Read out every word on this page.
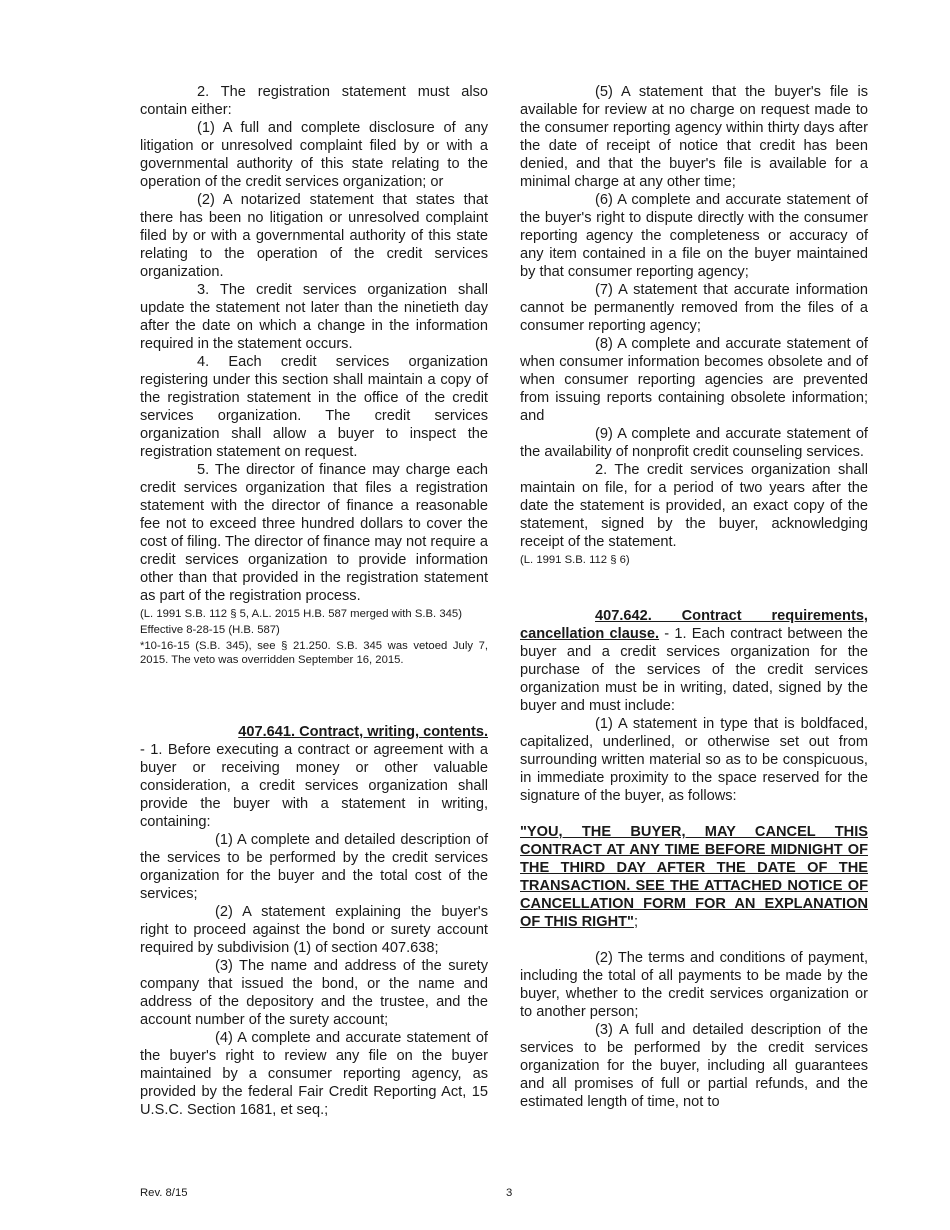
2. The registration statement must also contain either:

(1) A full and complete disclosure of any litigation or unresolved complaint filed by or with a governmental authority of this state relating to the operation of the credit services organization; or

(2) A notarized statement that states that there has been no litigation or unresolved complaint filed by or with a governmental authority of this state relating to the operation of the credit services organization.

3. The credit services organization shall update the statement not later than the ninetieth day after the date on which a change in the information required in the statement occurs.

4. Each credit services organization registering under this section shall maintain a copy of the registration statement in the office of the credit services organization. The credit services organization shall allow a buyer to inspect the registration statement on request.

5. The director of finance may charge each credit services organization that files a registration statement with the director of finance a reasonable fee not to exceed three hundred dollars to cover the cost of filing. The director of finance may not require a credit services organization to provide information other than that provided in the registration statement as part of the registration process.

(L. 1991 S.B. 112 § 5, A.L. 2015 H.B. 587 merged with S.B. 345)

Effective 8-28-15 (H.B. 587)

*10-16-15 (S.B. 345), see § 21.250. S.B. 345 was vetoed July 7, 2015. The veto was overridden September 16, 2015.

407.641. Contract, writing, contents.

- 1. Before executing a contract or agreement with a buyer or receiving money or other valuable consideration, a credit services organization shall provide the buyer with a statement in writing, containing:

(1) A complete and detailed description of the services to be performed by the credit services organization for the buyer and the total cost of the services;

(2) A statement explaining the buyer's right to proceed against the bond or surety account required by subdivision (1) of section 407.638;

(3) The name and address of the surety company that issued the bond, or the name and address of the depository and the trustee, and the account number of the surety account;

(4) A complete and accurate statement of the buyer's right to review any file on the buyer maintained by a consumer reporting agency, as provided by the federal Fair Credit Reporting Act, 15 U.S.C. Section 1681, et seq.;

(5) A statement that the buyer's file is available for review at no charge on request made to the consumer reporting agency within thirty days after the date of receipt of notice that credit has been denied, and that the buyer's file is available for a minimal charge at any other time;

(6) A complete and accurate statement of the buyer's right to dispute directly with the consumer reporting agency the completeness or accuracy of any item contained in a file on the buyer maintained by that consumer reporting agency;

(7) A statement that accurate information cannot be permanently removed from the files of a consumer reporting agency;

(8) A complete and accurate statement of when consumer information becomes obsolete and of when consumer reporting agencies are prevented from issuing reports containing obsolete information; and

(9) A complete and accurate statement of the availability of nonprofit credit counseling services.

2. The credit services organization shall maintain on file, for a period of two years after the date the statement is provided, an exact copy of the statement, signed by the buyer, acknowledging receipt of the statement.

(L. 1991 S.B. 112 § 6)

407.642. Contract requirements, cancellation clause. - 1. Each contract between the buyer and a credit services organization for the purchase of the services of the credit services organization must be in writing, dated, signed by the buyer and must include:

(1) A statement in type that is boldfaced, capitalized, underlined, or otherwise set out from surrounding written material so as to be conspicuous, in immediate proximity to the space reserved for the signature of the buyer, as follows:

"YOU, THE BUYER, MAY CANCEL THIS CONTRACT AT ANY TIME BEFORE MIDNIGHT OF THE THIRD DAY AFTER THE DATE OF THE TRANSACTION. SEE THE ATTACHED NOTICE OF CANCELLATION FORM FOR AN EXPLANATION OF THIS RIGHT";

(2) The terms and conditions of payment, including the total of all payments to be made by the buyer, whether to the credit services organization or to another person;

(3) A full and detailed description of the services to be performed by the credit services organization for the buyer, including all guarantees and all promises of full or partial refunds, and the estimated length of time, not to

Rev. 8/15	3
